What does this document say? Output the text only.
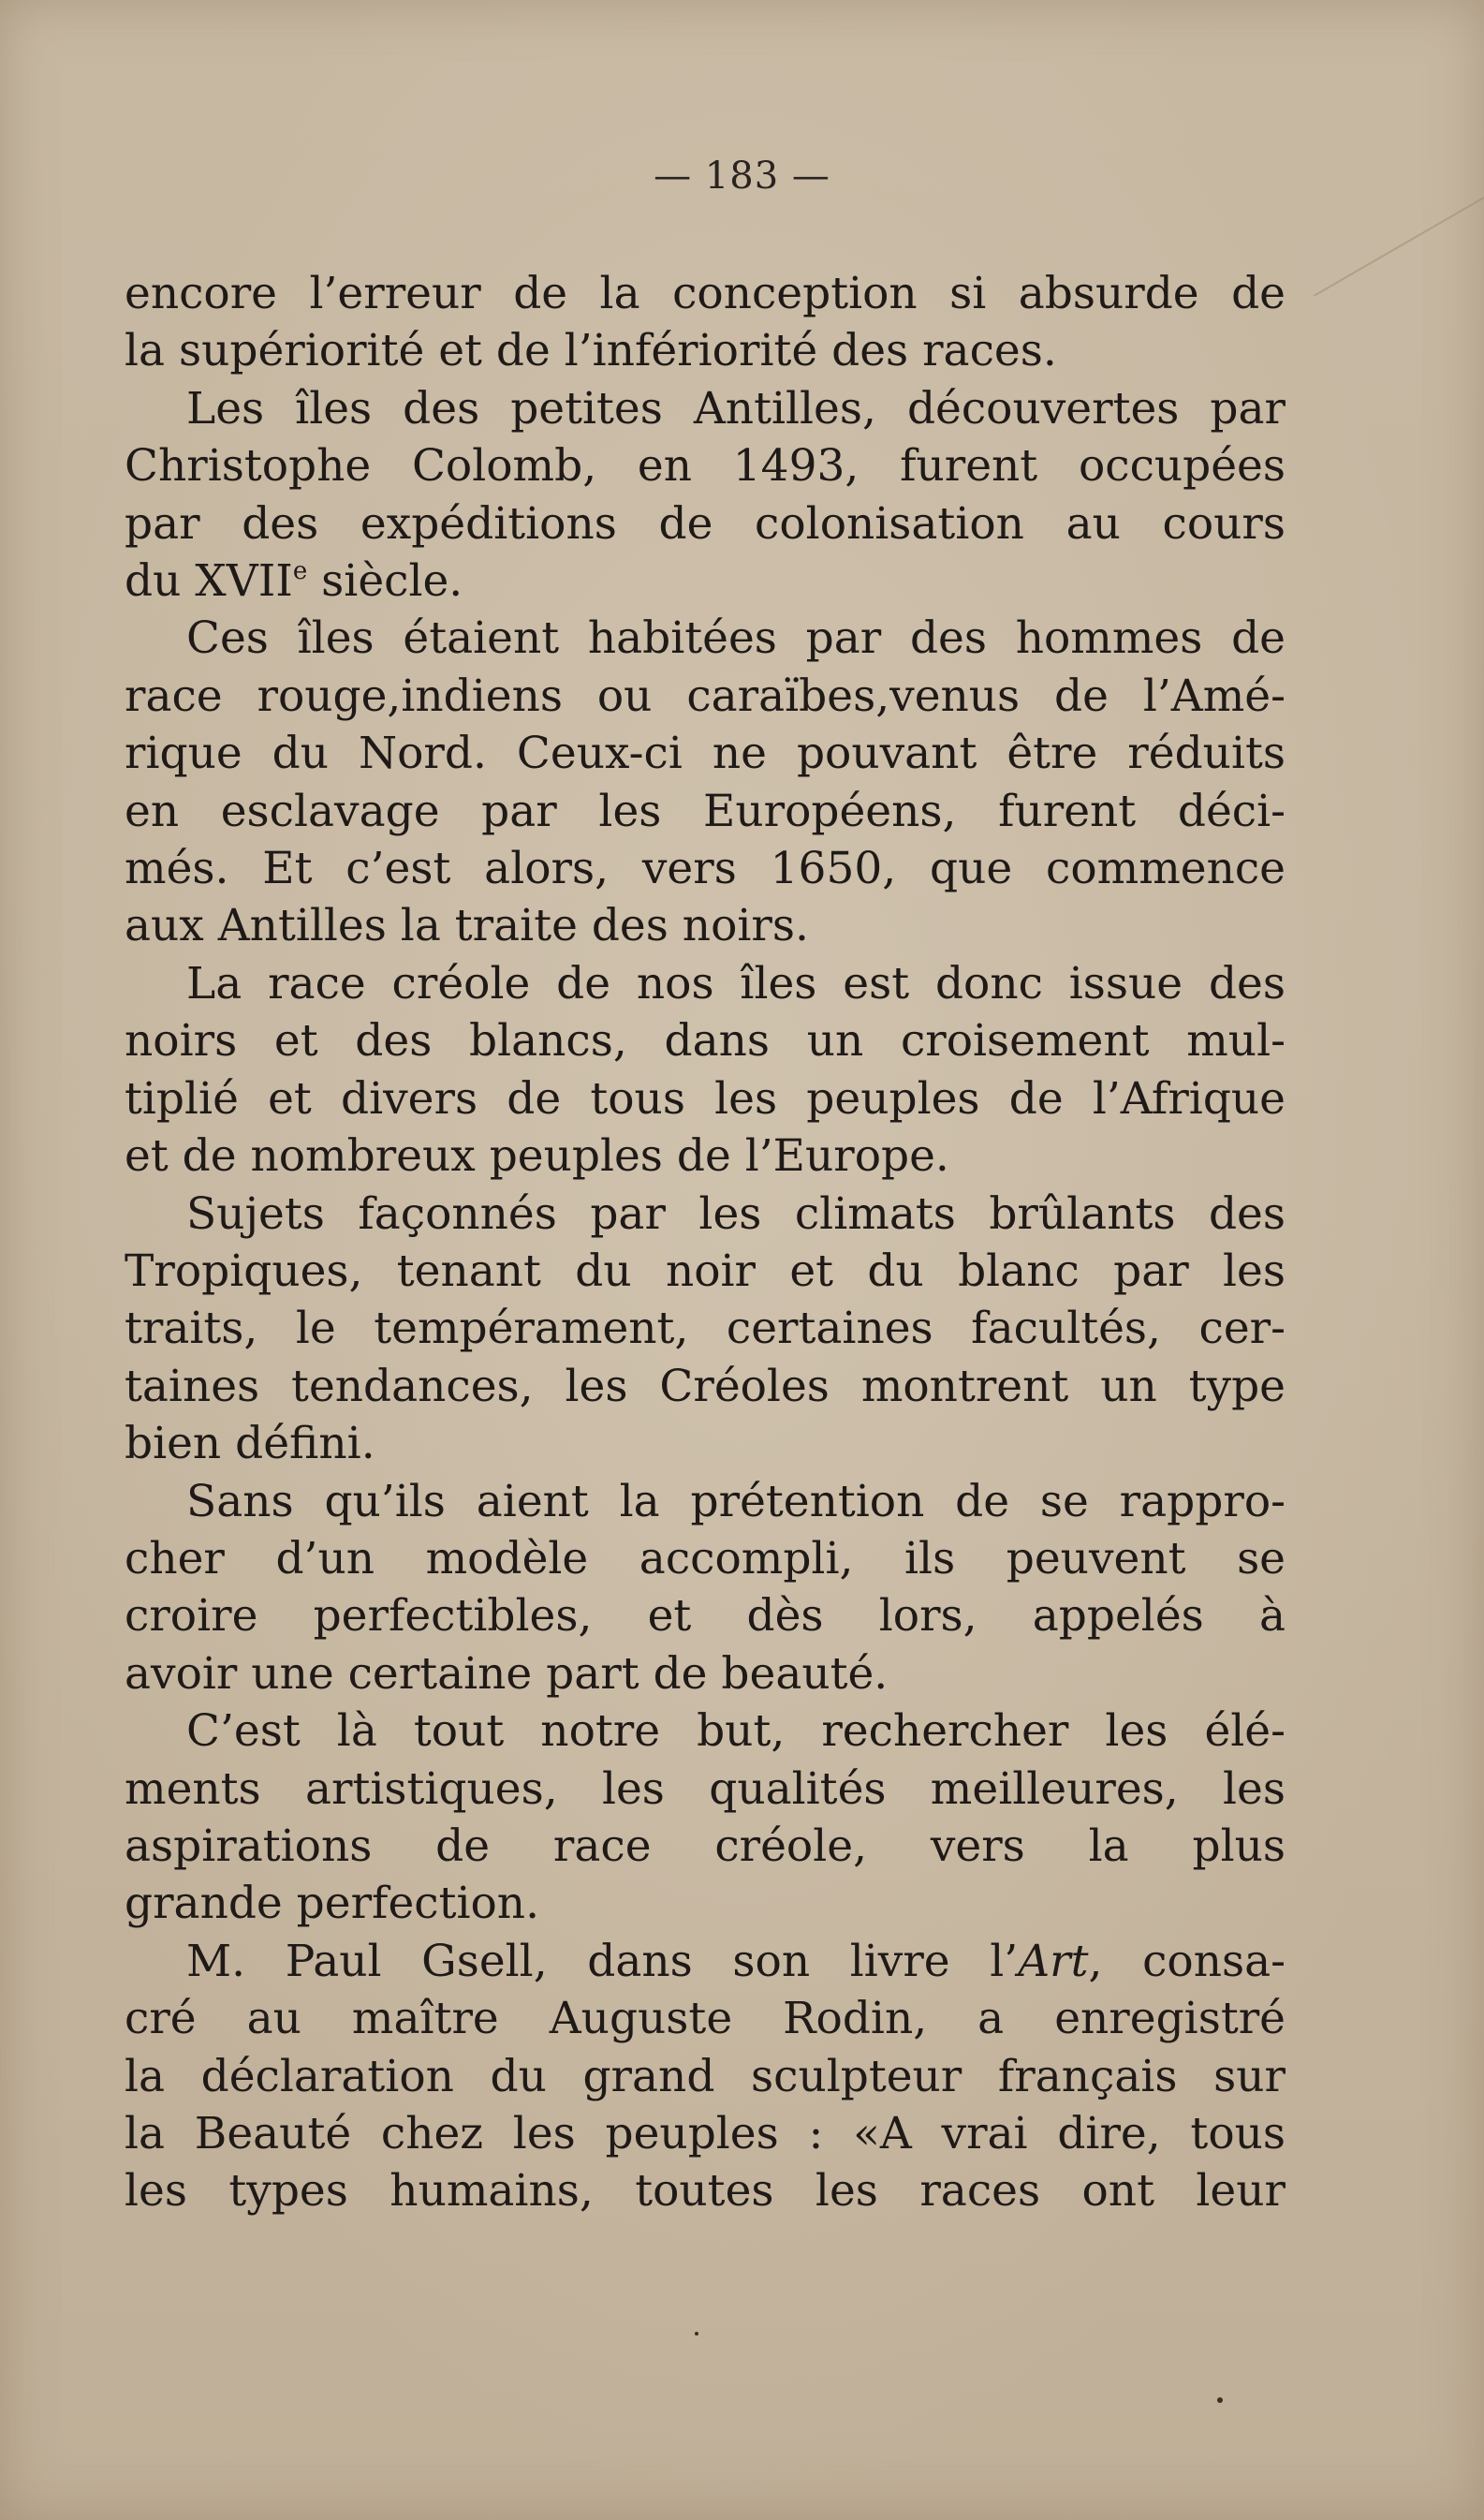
— 183 —
encore l’erreur de la conception si absurde de
la supériorité et de l’infériorité des races.
Les îles des petites Antilles, découvertes par
Christophe Colomb, en 1493, furent occupées
par des expéditions de colonisation au cours
du XVIIe siècle.
Ces îles étaient habitées par des hommes de
race rouge,indiens ou caraïbes,venus de l’Amé-
rique du Nord. Ceux-ci ne pouvant être réduits
en esclavage par les Européens, furent déci-
més. Et c’est alors, vers 1650, que commence
aux Antilles la traite des noirs.
La race créole de nos îles est donc issue des
noirs et des blancs, dans un croisement mul-
tiplié et divers de tous les peuples de l’Afrique
et de nombreux peuples de l’Europe.
Sujets façonnés par les climats brûlants des
Tropiques, tenant du noir et du blanc par les
traits, le tempérament, certaines facultés, cer-
taines tendances, les Créoles montrent un type
bien défini.
Sans qu’ils aient la prétention de se rappro-
cher d’un modèle accompli, ils peuvent se
croire perfectibles, et dès lors, appelés à
avoir une certaine part de beauté.
C’est là tout notre but, rechercher les élé-
ments artistiques, les qualités meilleures, les
aspirations de race créole, vers la plus
grande perfection.
M. Paul Gsell, dans son livre l’Art, consa-
cré au maître Auguste Rodin, a enregistré
la déclaration du grand sculpteur français sur
la Beauté chez les peuples : «A vrai dire, tous
les types humains, toutes les races ont leur
